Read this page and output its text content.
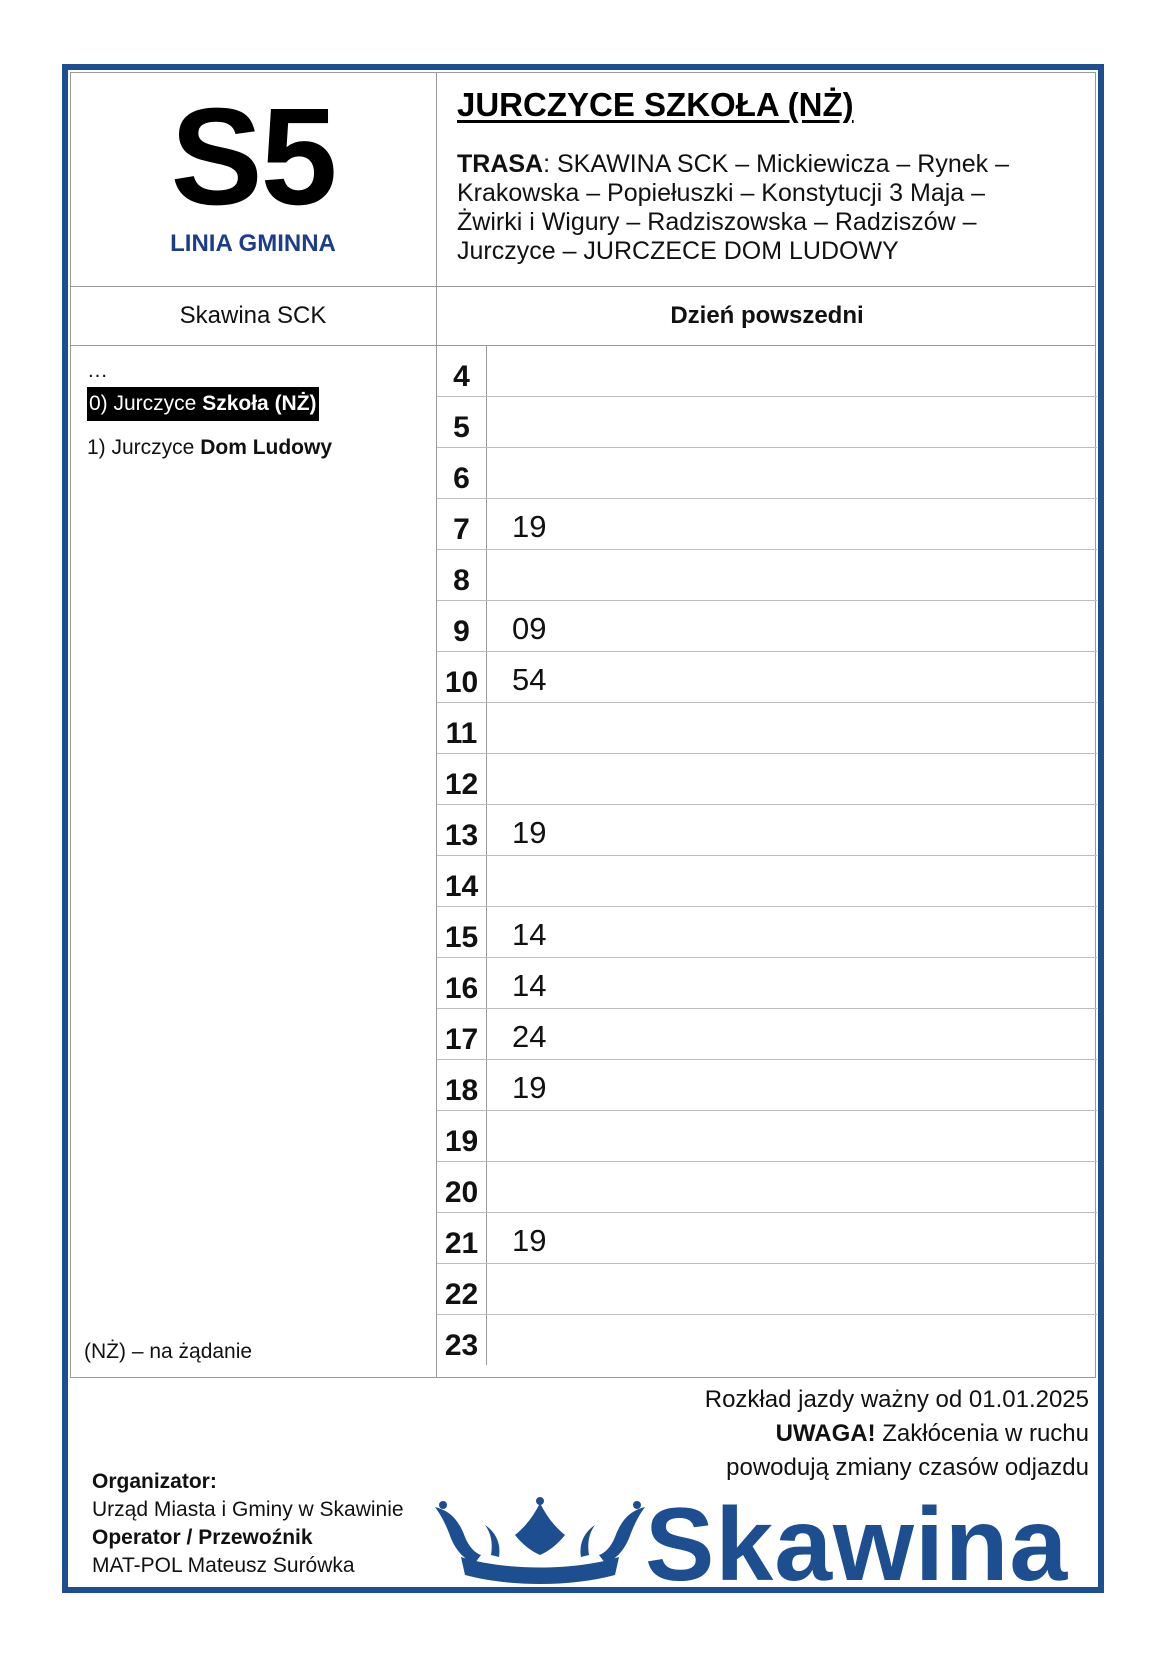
S5
LINIA GMINNA
JURCZYCE SZKOŁA (NŻ)
TRASA: SKAWINA SCK – Mickiewicza – Rynek –
Krakowska – Popiełuszki – Konstytucji 3 Maja –
Żwirki i Wigury – Radziszowska – Radziszów –
Jurczyce – JURCZECE DOM LUDOWY
Skawina SCK	Dzień powszedni
…
0) Jurczyce Szkoła (NŻ)
1) Jurczyce Dom Ludowy
(NŻ) – na żądanie
4
5
6
7	19
8
9	09
10 54
11
12
13 19
14
15 14
16 14
17 24
18 19
19
20
21 19
22
23
Rozkład jazdy ważny od 01.01.2025
UWAGA! Zakłócenia w ruchu
powodują zmiany czasów odjazdu
Organizator:
Urząd Miasta i Gminy w Skawinie
Operator / Przewoźnik
MAT-POL Mateusz Surówka	Skawina
